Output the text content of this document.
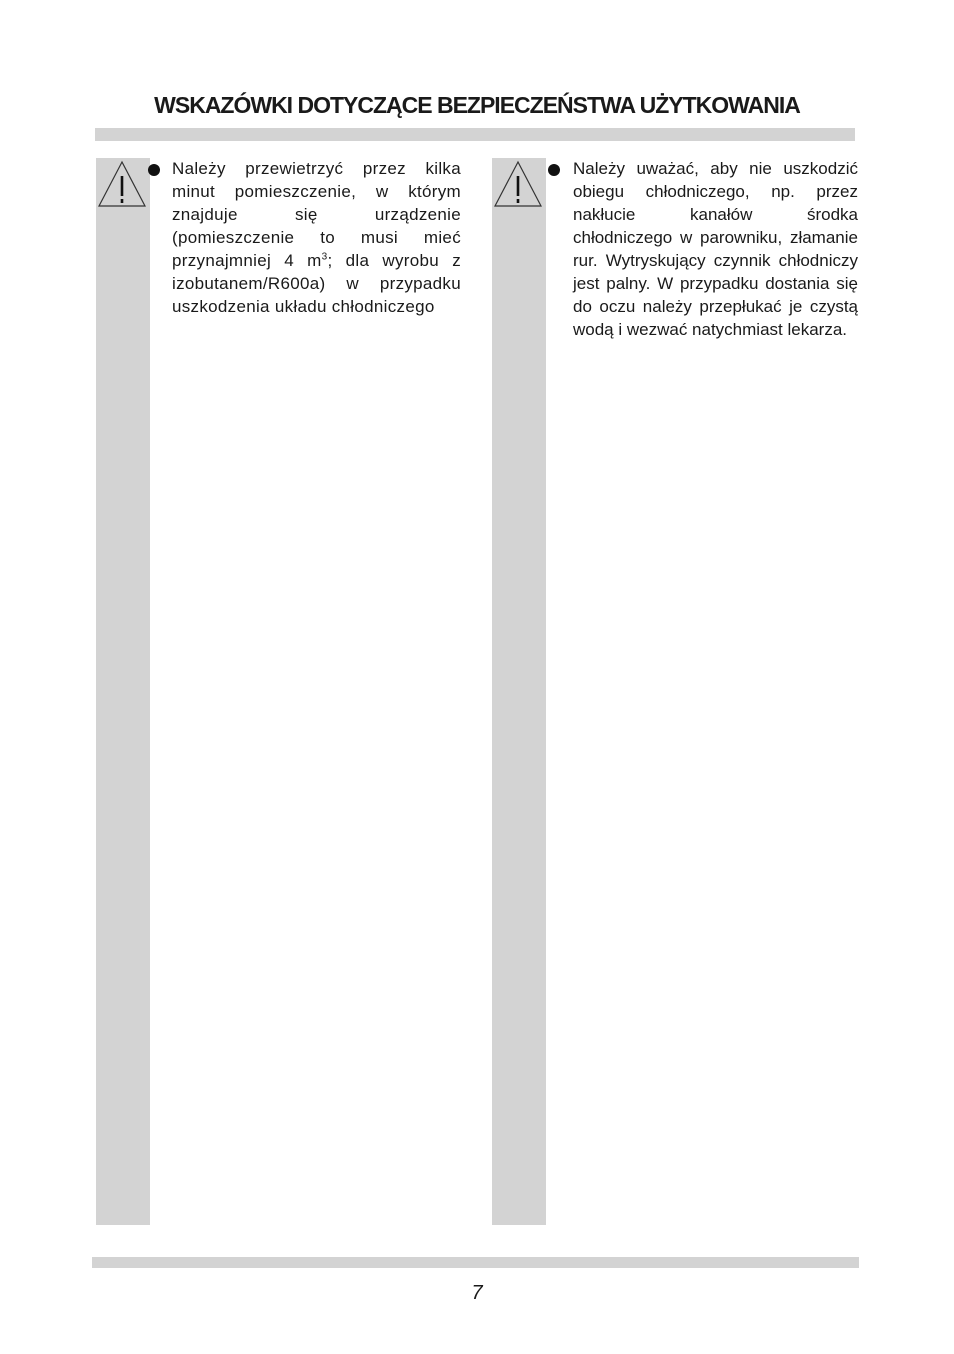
WSKAZÓWKI DOTYCZĄCE BEZPIECZEŃSTWA UŻYTKOWANIA
Należy przewietrzyć przez kilka minut pomieszczenie, w którym znajduje się urządzenie (pomieszczenie to musi mieć przynajmniej 4 $m^3$; dla wyrobu z izobutanem/R600a) w przypadku uszkodzenia układu chłodniczego
Należy uważać, aby nie uszkodzić obiegu chłodniczego, np. przez nakłucie kanałów środka chłodniczego w parowniku, złamanie rur. Wytryskujący czynnik chłodniczy jest palny. W przypadku dostania się do oczu należy przepłukać je czystą wodą i wezwać natychmiast lekarza.
7
